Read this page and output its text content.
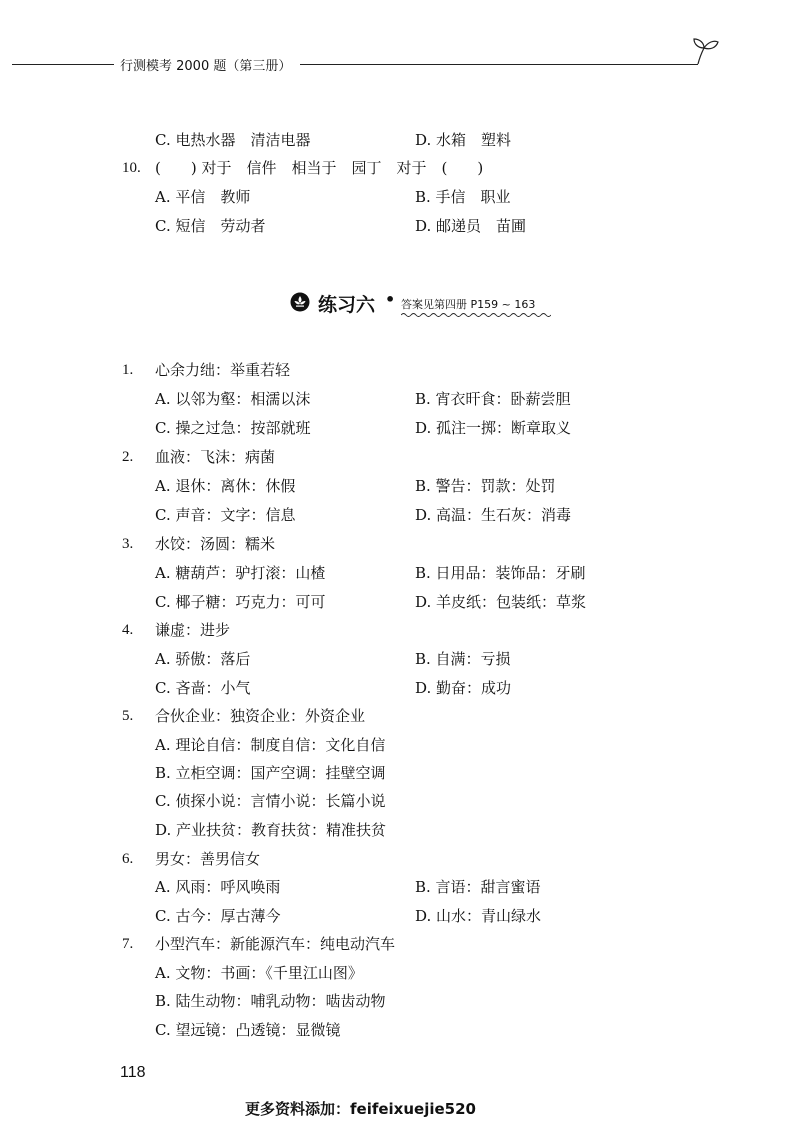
行测模考 2000 题（第三册）
C. 电热水器　清洁电器	D. 水箱　塑料
10. (　　) 对于　信件　相当于　园丁　对于　(　　)
A. 平信　教师	B. 手信　职业
C. 短信　劳动者	D. 邮递员　苗圃
练习六 • 答案见第四册 P159 ~ 163
1. 心余力绌：举重若轻
A. 以邻为壑：相濡以沫	B. 宵衣旰食：卧薪尝胆
C. 操之过急：按部就班	D. 孤注一掷：断章取义
2. 血液：飞沫：病菌
A. 退休：离休：休假	B. 警告：罚款：处罚
C. 声音：文字：信息	D. 高温：生石灰：消毒
3. 水饺：汤圆：糯米
A. 糖葫芦：驴打滚：山楂	B. 日用品：装饰品：牙刷
C. 椰子糖：巧克力：可可	D. 羊皮纸：包装纸：草浆
4. 谦虚：进步
A. 骄傲：落后	B. 自满：亏损
C. 吝啬：小气	D. 勤奋：成功
5. 合伙企业：独资企业：外资企业
A. 理论自信：制度自信：文化自信
B. 立柜空调：国产空调：挂壁空调
C. 侦探小说：言情小说：长篇小说
D. 产业扶贫：教育扶贫：精准扶贫
6. 男女：善男信女
A. 风雨：呼风唤雨	B. 言语：甜言蜜语
C. 古今：厚古薄今	D. 山水：青山绿水
7. 小型汽车：新能源汽车：纯电动汽车
A. 文物：书画：《千里江山图》
B. 陆生动物：哺乳动物：啮齿动物
C. 望远镜：凸透镜：显微镜
118
更多资料添加：feifeixuejie520
